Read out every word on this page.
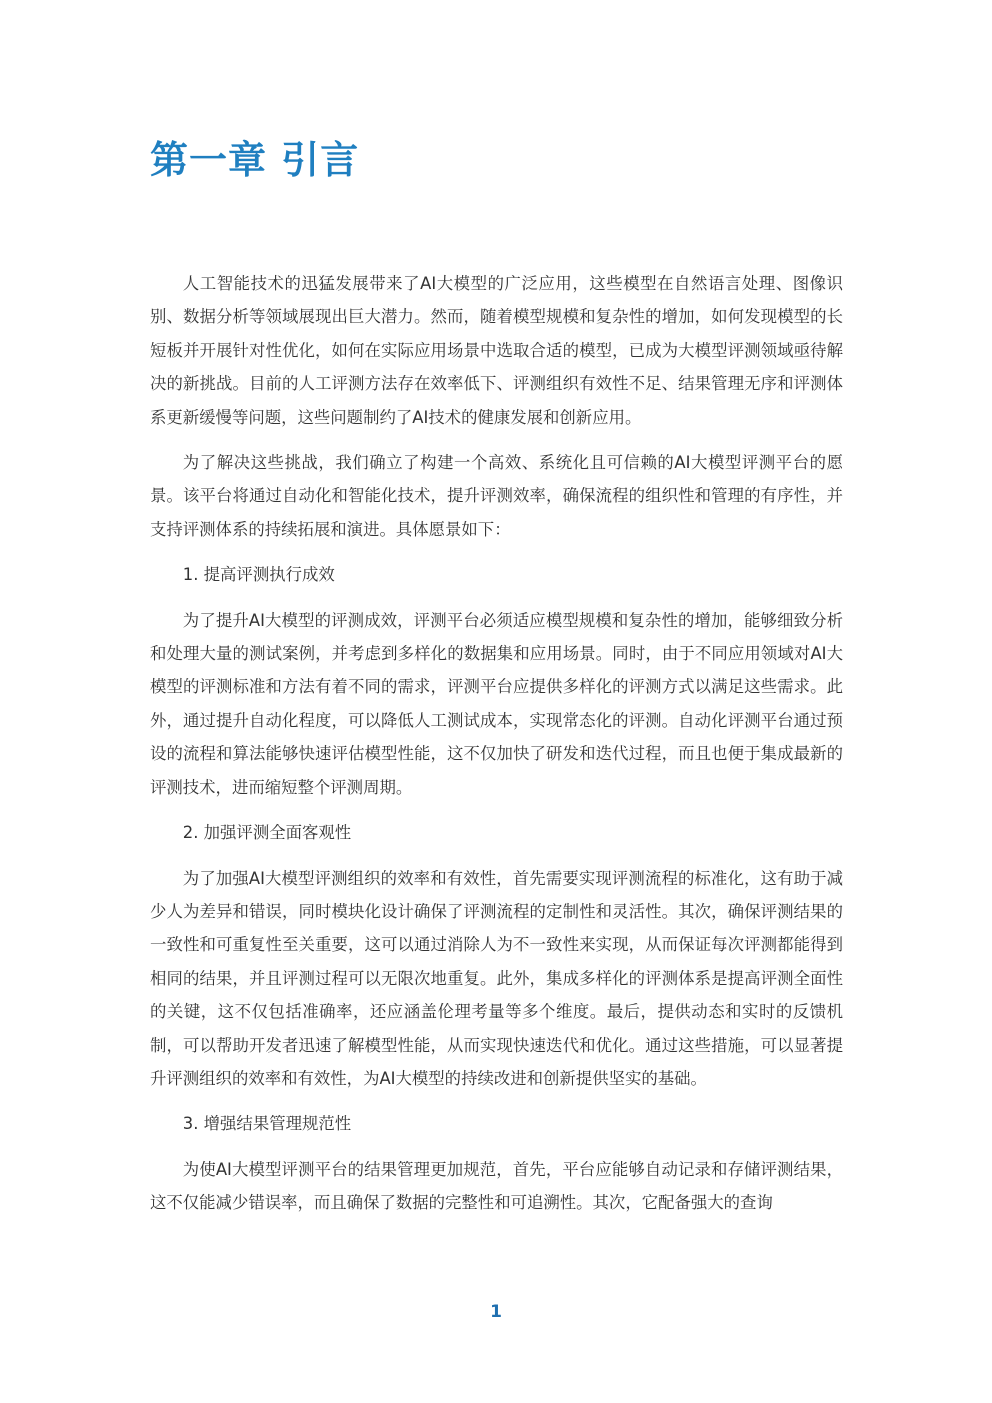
第一章 引言

人工智能技术的迅猛发展带来了AI大模型的广泛应用，这些模型在自然语言处理、图像识别、数据分析等领域展现出巨大潜力。然而，随着模型规模和复杂性的增加，如何发现模型的长短板并开展针对性优化，如何在实际应用场景中选取合适的模型，已成为大模型评测领域亟待解决的新挑战。目前的人工评测方法存在效率低下、评测组织有效性不足、结果管理无序和评测体系更新缓慢等问题，这些问题制约了AI技术的健康发展和创新应用。

为了解决这些挑战，我们确立了构建一个高效、系统化且可信赖的AI大模型评测平台的愿景。该平台将通过自动化和智能化技术，提升评测效率，确保流程的组织性和管理的有序性，并支持评测体系的持续拓展和演进。具体愿景如下：

1. 提高评测执行成效

为了提升AI大模型的评测成效，评测平台必须适应模型规模和复杂性的增加，能够细致分析和处理大量的测试案例，并考虑到多样化的数据集和应用场景。同时，由于不同应用领域对AI大模型的评测标准和方法有着不同的需求，评测平台应提供多样化的评测方式以满足这些需求。此外，通过提升自动化程度，可以降低人工测试成本，实现常态化的评测。自动化评测平台通过预设的流程和算法能够快速评估模型性能，这不仅加快了研发和迭代过程，而且也便于集成最新的评测技术，进而缩短整个评测周期。

2. 加强评测全面客观性

为了加强AI大模型评测组织的效率和有效性，首先需要实现评测流程的标准化，这有助于减少人为差异和错误，同时模块化设计确保了评测流程的定制性和灵活性。其次，确保评测结果的一致性和可重复性至关重要，这可以通过消除人为不一致性来实现，从而保证每次评测都能得到相同的结果，并且评测过程可以无限次地重复。此外，集成多样化的评测体系是提高评测全面性的关键，这不仅包括准确率，还应涵盖伦理考量等多个维度。最后，提供动态和实时的反馈机制，可以帮助开发者迅速了解模型性能，从而实现快速迭代和优化。通过这些措施，可以显著提升评测组织的效率和有效性，为AI大模型的持续改进和创新提供坚实的基础。

3. 增强结果管理规范性

为使AI大模型评测平台的结果管理更加规范，首先，平台应能够自动记录和存储评测结果，这不仅能减少错误率，而且确保了数据的完整性和可追溯性。其次，它配备强大的查询

1
